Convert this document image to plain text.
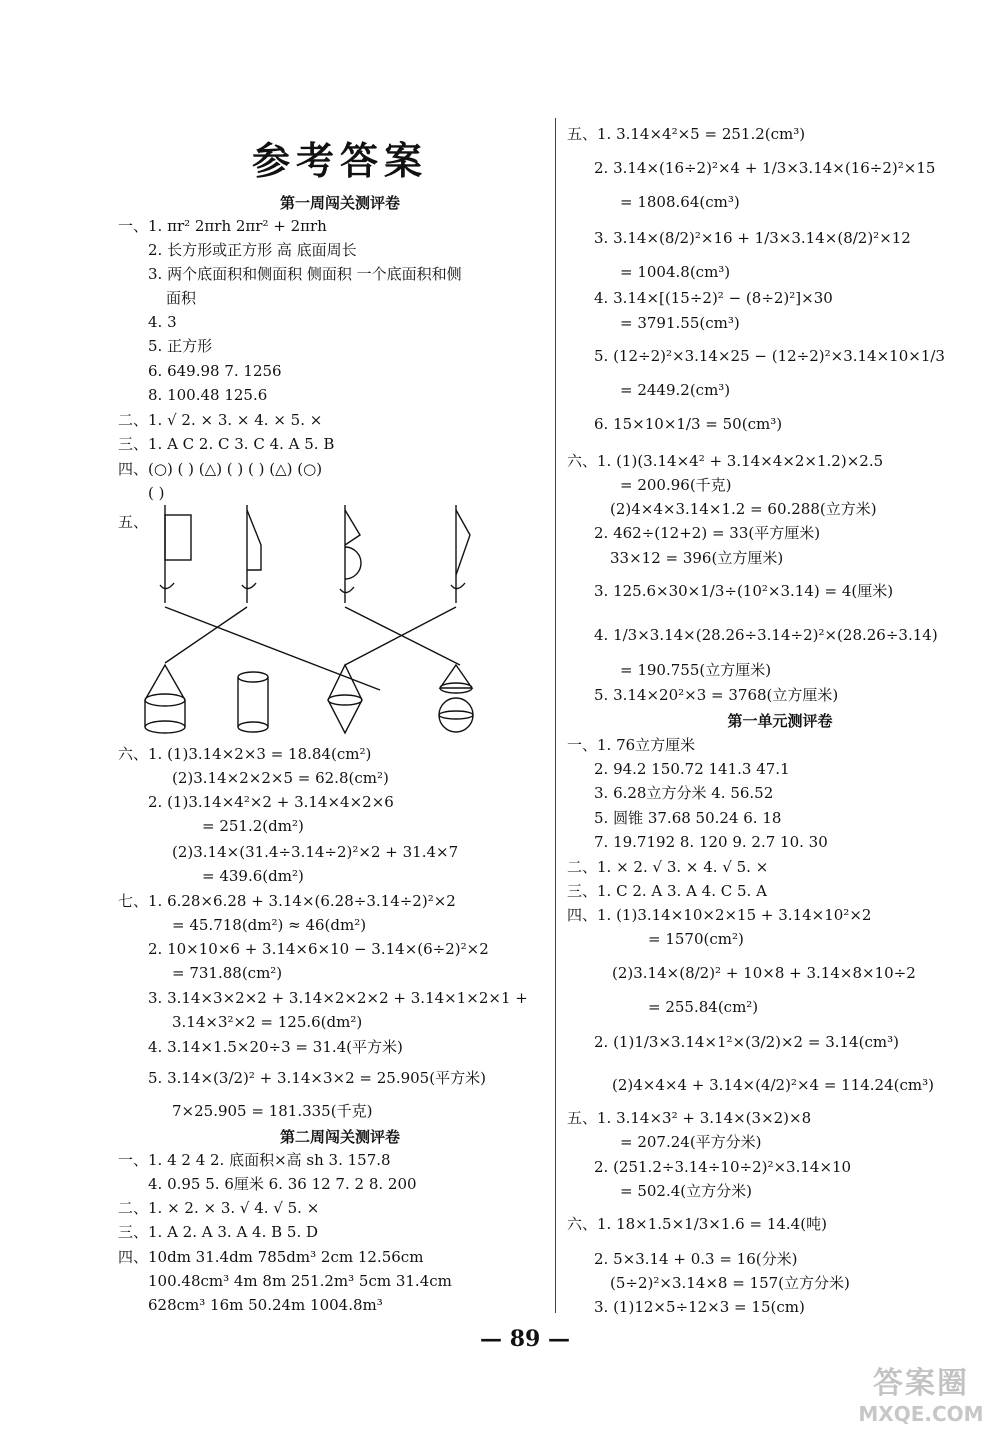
参考答案
第一周闯关测评卷
一、1. πr² 2πrh 2πr² + 2πrh
2. 长方形或正方形 高 底面周长
3. 两个底面积和侧面积 侧面积 一个底面积和侧
面积
4. 3
5. 正方形
6. 649.98 7. 1256
8. 100.48 125.6
二、1. √ 2. × 3. × 4. × 5. ×
三、1. A C 2. C 3. C 4. A 5. B
四、(○) ( ) (△) ( ) ( ) (△) (○)
( )
五、
六、1. (1)3.14×2×3 = 18.84(cm²)
(2)3.14×2×2×5 = 62.8(cm²)
2. (1)3.14×4²×2 + 3.14×4×2×6
= 251.2(dm²)
(2)3.14×(31.4÷3.14÷2)²×2 + 31.4×7
= 439.6(dm²)
七、1. 6.28×6.28 + 3.14×(6.28÷3.14÷2)²×2
= 45.718(dm²) ≈ 46(dm²)
2. 10×10×6 + 3.14×6×10 − 3.14×(6÷2)²×2
= 731.88(cm²)
3. 3.14×3×2×2 + 3.14×2×2×2 + 3.14×1×2×1 +
3.14×3²×2 = 125.6(dm²)
4. 3.14×1.5×20÷3 = 31.4(平方米)
5. 3.14×(3/2)² + 3.14×3×2 = 25.905(平方米)
7×25.905 = 181.335(千克)
第二周闯关测评卷
一、1. 4 2 4 2. 底面积×高 sh 3. 157.8
4. 0.95 5. 6厘米 6. 36 12 7. 2 8. 200
二、1. × 2. × 3. √ 4. √ 5. ×
三、1. A 2. A 3. A 4. B 5. D
四、10dm 31.4dm 785dm³ 2cm 12.56cm
100.48cm³ 4m 8m 251.2m³ 5cm 31.4cm
628cm³ 16m 50.24m 1004.8m³
五、1. 3.14×4²×5 = 251.2(cm³)
2. 3.14×(16÷2)²×4 + 1/3×3.14×(16÷2)²×15
= 1808.64(cm³)
3. 3.14×(8/2)²×16 + 1/3×3.14×(8/2)²×12
= 1004.8(cm³)
4. 3.14×[(15÷2)² − (8÷2)²]×30
= 3791.55(cm³)
5. (12÷2)²×3.14×25 − (12÷2)²×3.14×10×1/3
= 2449.2(cm³)
6. 15×10×1/3 = 50(cm³)
六、1. (1)(3.14×4² + 3.14×4×2×1.2)×2.5
= 200.96(千克)
(2)4×4×3.14×1.2 = 60.288(立方米)
2. 462÷(12+2) = 33(平方厘米)
33×12 = 396(立方厘米)
3. 125.6×30×1/3÷(10²×3.14) = 4(厘米)
4. 1/3×3.14×(28.26÷3.14÷2)²×(28.26÷3.14)
= 190.755(立方厘米)
5. 3.14×20²×3 = 3768(立方厘米)
第一单元测评卷
一、1. 76立方厘米
2. 94.2 150.72 141.3 47.1
3. 6.28立方分米 4. 56.52
5. 圆锥 37.68 50.24 6. 18
7. 19.7192 8. 120 9. 2.7 10. 30
二、1. × 2. √ 3. × 4. √ 5. ×
三、1. C 2. A 3. A 4. C 5. A
四、1. (1)3.14×10×2×15 + 3.14×10²×2
= 1570(cm²)
(2)3.14×(8/2)² + 10×8 + 3.14×8×10÷2
= 255.84(cm²)
2. (1)1/3×3.14×1²×(3/2)×2 = 3.14(cm³)
(2)4×4×4 + 3.14×(4/2)²×4 = 114.24(cm³)
五、1. 3.14×3² + 3.14×(3×2)×8
= 207.24(平方分米)
2. (251.2÷3.14÷10÷2)²×3.14×10
= 502.4(立方分米)
六、1. 18×1.5×1/3×1.6 = 14.4(吨)
2. 5×3.14 + 0.3 = 16(分米)
(5÷2)²×3.14×8 = 157(立方分米)
3. (1)12×5÷12×3 = 15(cm)
— 89 —
答案圈
MXQE.COM
